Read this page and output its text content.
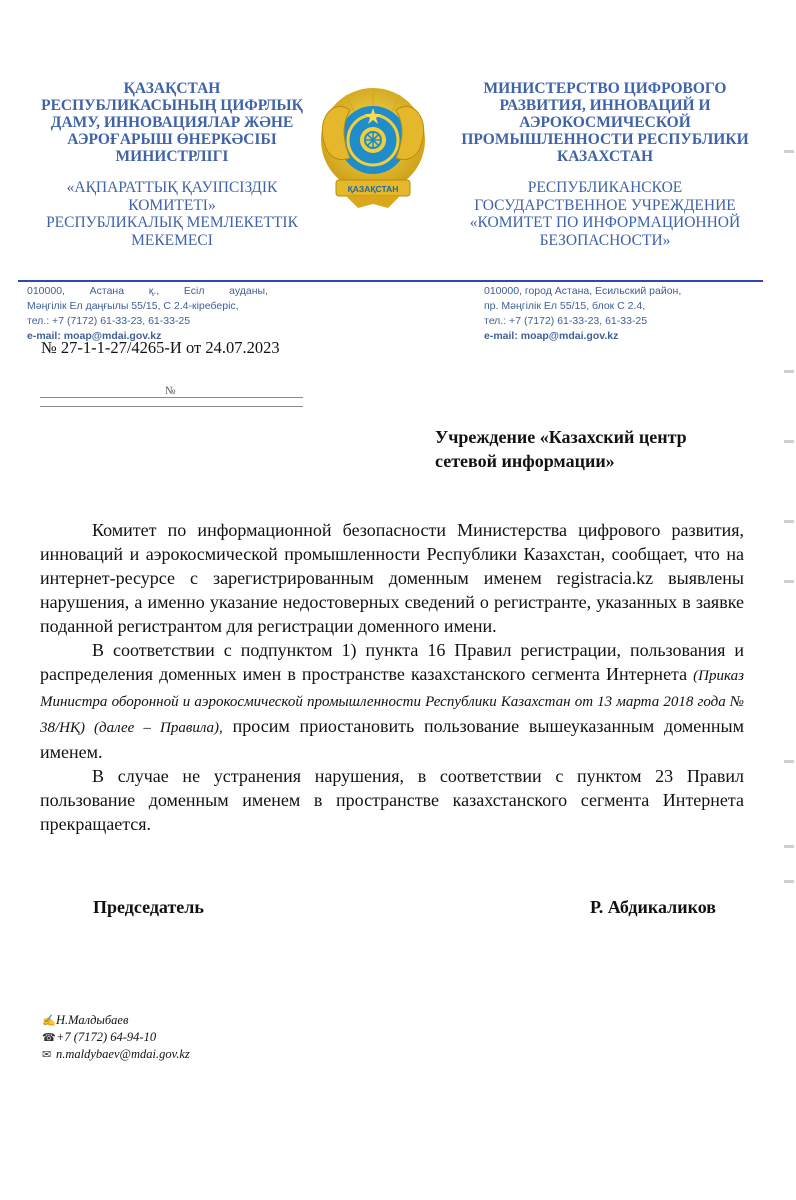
ҚАЗАҚСТАН
РЕСПУБЛИКАСЫНЫҢ ЦИФРЛЫҚ
ДАМУ, ИННОВАЦИЯЛАР ЖӘНЕ
АЭРОҒАРЫШ ӨНЕРКӘСІБІ
МИНИСТРЛІГІ
«АҚПАРАТТЫҚ ҚАУІПСІЗДІК
КОМИТЕТІ»
РЕСПУБЛИКАЛЫҚ МЕМЛЕКЕТТІК
МЕКЕМЕСІ
ҚАЗАҚСТАН
МИНИСТЕРСТВО ЦИФРОВОГО
РАЗВИТИЯ, ИННОВАЦИЙ И
АЭРОКОСМИЧЕСКОЙ
ПРОМЫШЛЕННОСТИ РЕСПУБЛИКИ
КАЗАХСТАН
РЕСПУБЛИКАНСКОЕ
ГОСУДАРСТВЕННОЕ УЧРЕЖДЕНИЕ
«КОМИТЕТ ПО ИНФОРМАЦИОННОЙ
БЕЗОПАСНОСТИ»
010000, Астана қ., Есіл ауданы,
Мәңгілік Ел даңғылы 55/15, С 2.4-кіреберіс,
тел.: +7 (7172) 61-33-23, 61-33-25
e-mail: moap@mdai.gov.kz
010000, город Астана, Есильский район,
пр. Мәңгілік Ел 55/15, блок С 2.4,
тел.: +7 (7172) 61-33-23, 61-33-25
e-mail: moap@mdai.gov.kz
№ 27-1-1-27/4265-И от 24.07.2023
№
Учреждение «Казахский центр
сетевой информации»

Комитет по информационной безопасности Министерства цифрового развития, инноваций и аэрокосмической промышленности Республики Казахстан, сообщает, что на интернет-ресурсе с зарегистрированным доменным именем registracia.kz выявлены нарушения, а именно указание недостоверных сведений о регистранте, указанных в заявке поданной регистрантом для регистрации доменного имени.

В соответствии с подпунктом 1) пункта 16 Правил регистрации, пользования и распределения доменных имен в пространстве казахстанского сегмента Интернета (Приказ Министра оборонной и аэрокосмической промышленности Республики Казахстан от 13 марта 2018 года № 38/НҚ) (далее – Правила), просим приостановить пользование вышеуказанным доменным именем.

В случае не устранения нарушения, в соответствии с пунктом 23 Правил пользование доменным именем в пространстве казахстанского сегмента Интернета прекращается.

Председатель	Р. Абдикаликов
✍Н.Малдыбаев
☎+7 (7172) 64-94-10
✉ n.maldybaev@mdai.gov.kz
